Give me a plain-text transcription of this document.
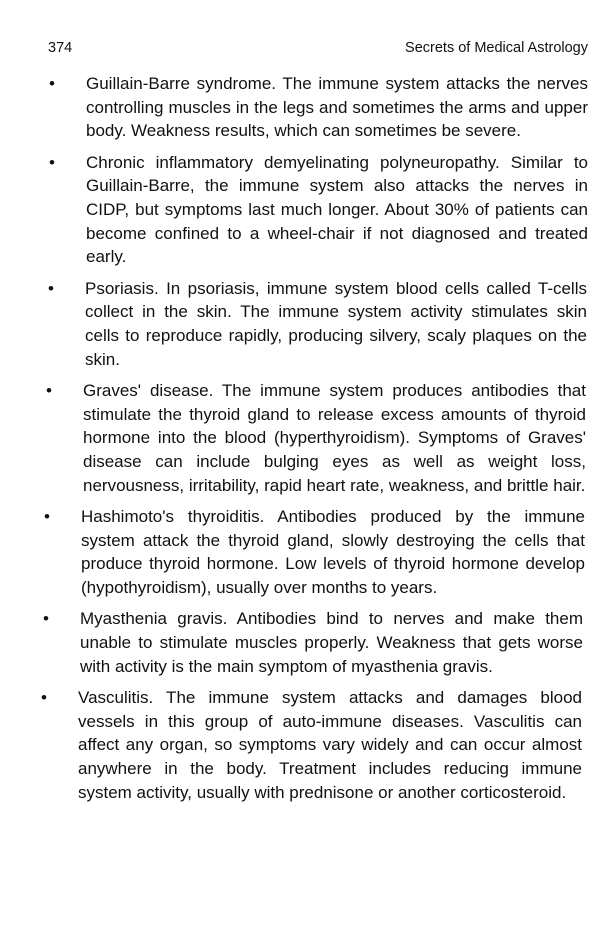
374	Secrets of Medical Astrology
• Guillain-Barre syndrome. The immune system attacks the nerves controlling muscles in the legs and sometimes the arms and upper body. Weakness results, which can sometimes be severe.

• Chronic inflammatory demyelinating polyneuropathy. Similar to Guillain-Barre, the immune system also attacks the nerves in CIDP, but symptoms last much longer. About 30% of patients can become confined to a wheel-chair if not diagnosed and treated early.

• Psoriasis. In psoriasis, immune system blood cells called T-cells collect in the skin. The immune system activity stimulates skin cells to reproduce rapidly, producing silvery, scaly plaques on the skin.

• Graves' disease. The immune system produces antibodies that stimulate the thyroid gland to release excess amounts of thyroid hormone into the blood (hyperthyroidism). Symptoms of Graves' disease can include bulging eyes as well as weight loss, nervousness, irritability, rapid heart rate, weakness, and brittle hair.

• Hashimoto's thyroiditis. Antibodies produced by the immune system attack the thyroid gland, slowly destroying the cells that produce thyroid hormone. Low levels of thyroid hormone develop (hypothyroidism), usually over months to years.

• Myasthenia gravis. Antibodies bind to nerves and make them unable to stimulate muscles properly. Weakness that gets worse with activity is the main symptom of myasthenia gravis.

• Vasculitis. The immune system attacks and damages blood vessels in this group of auto-immune diseases. Vasculitis can affect any organ, so symptoms vary widely and can occur almost anywhere in the body. Treatment includes reducing immune system activity, usually with prednisone or another corticosteroid.
